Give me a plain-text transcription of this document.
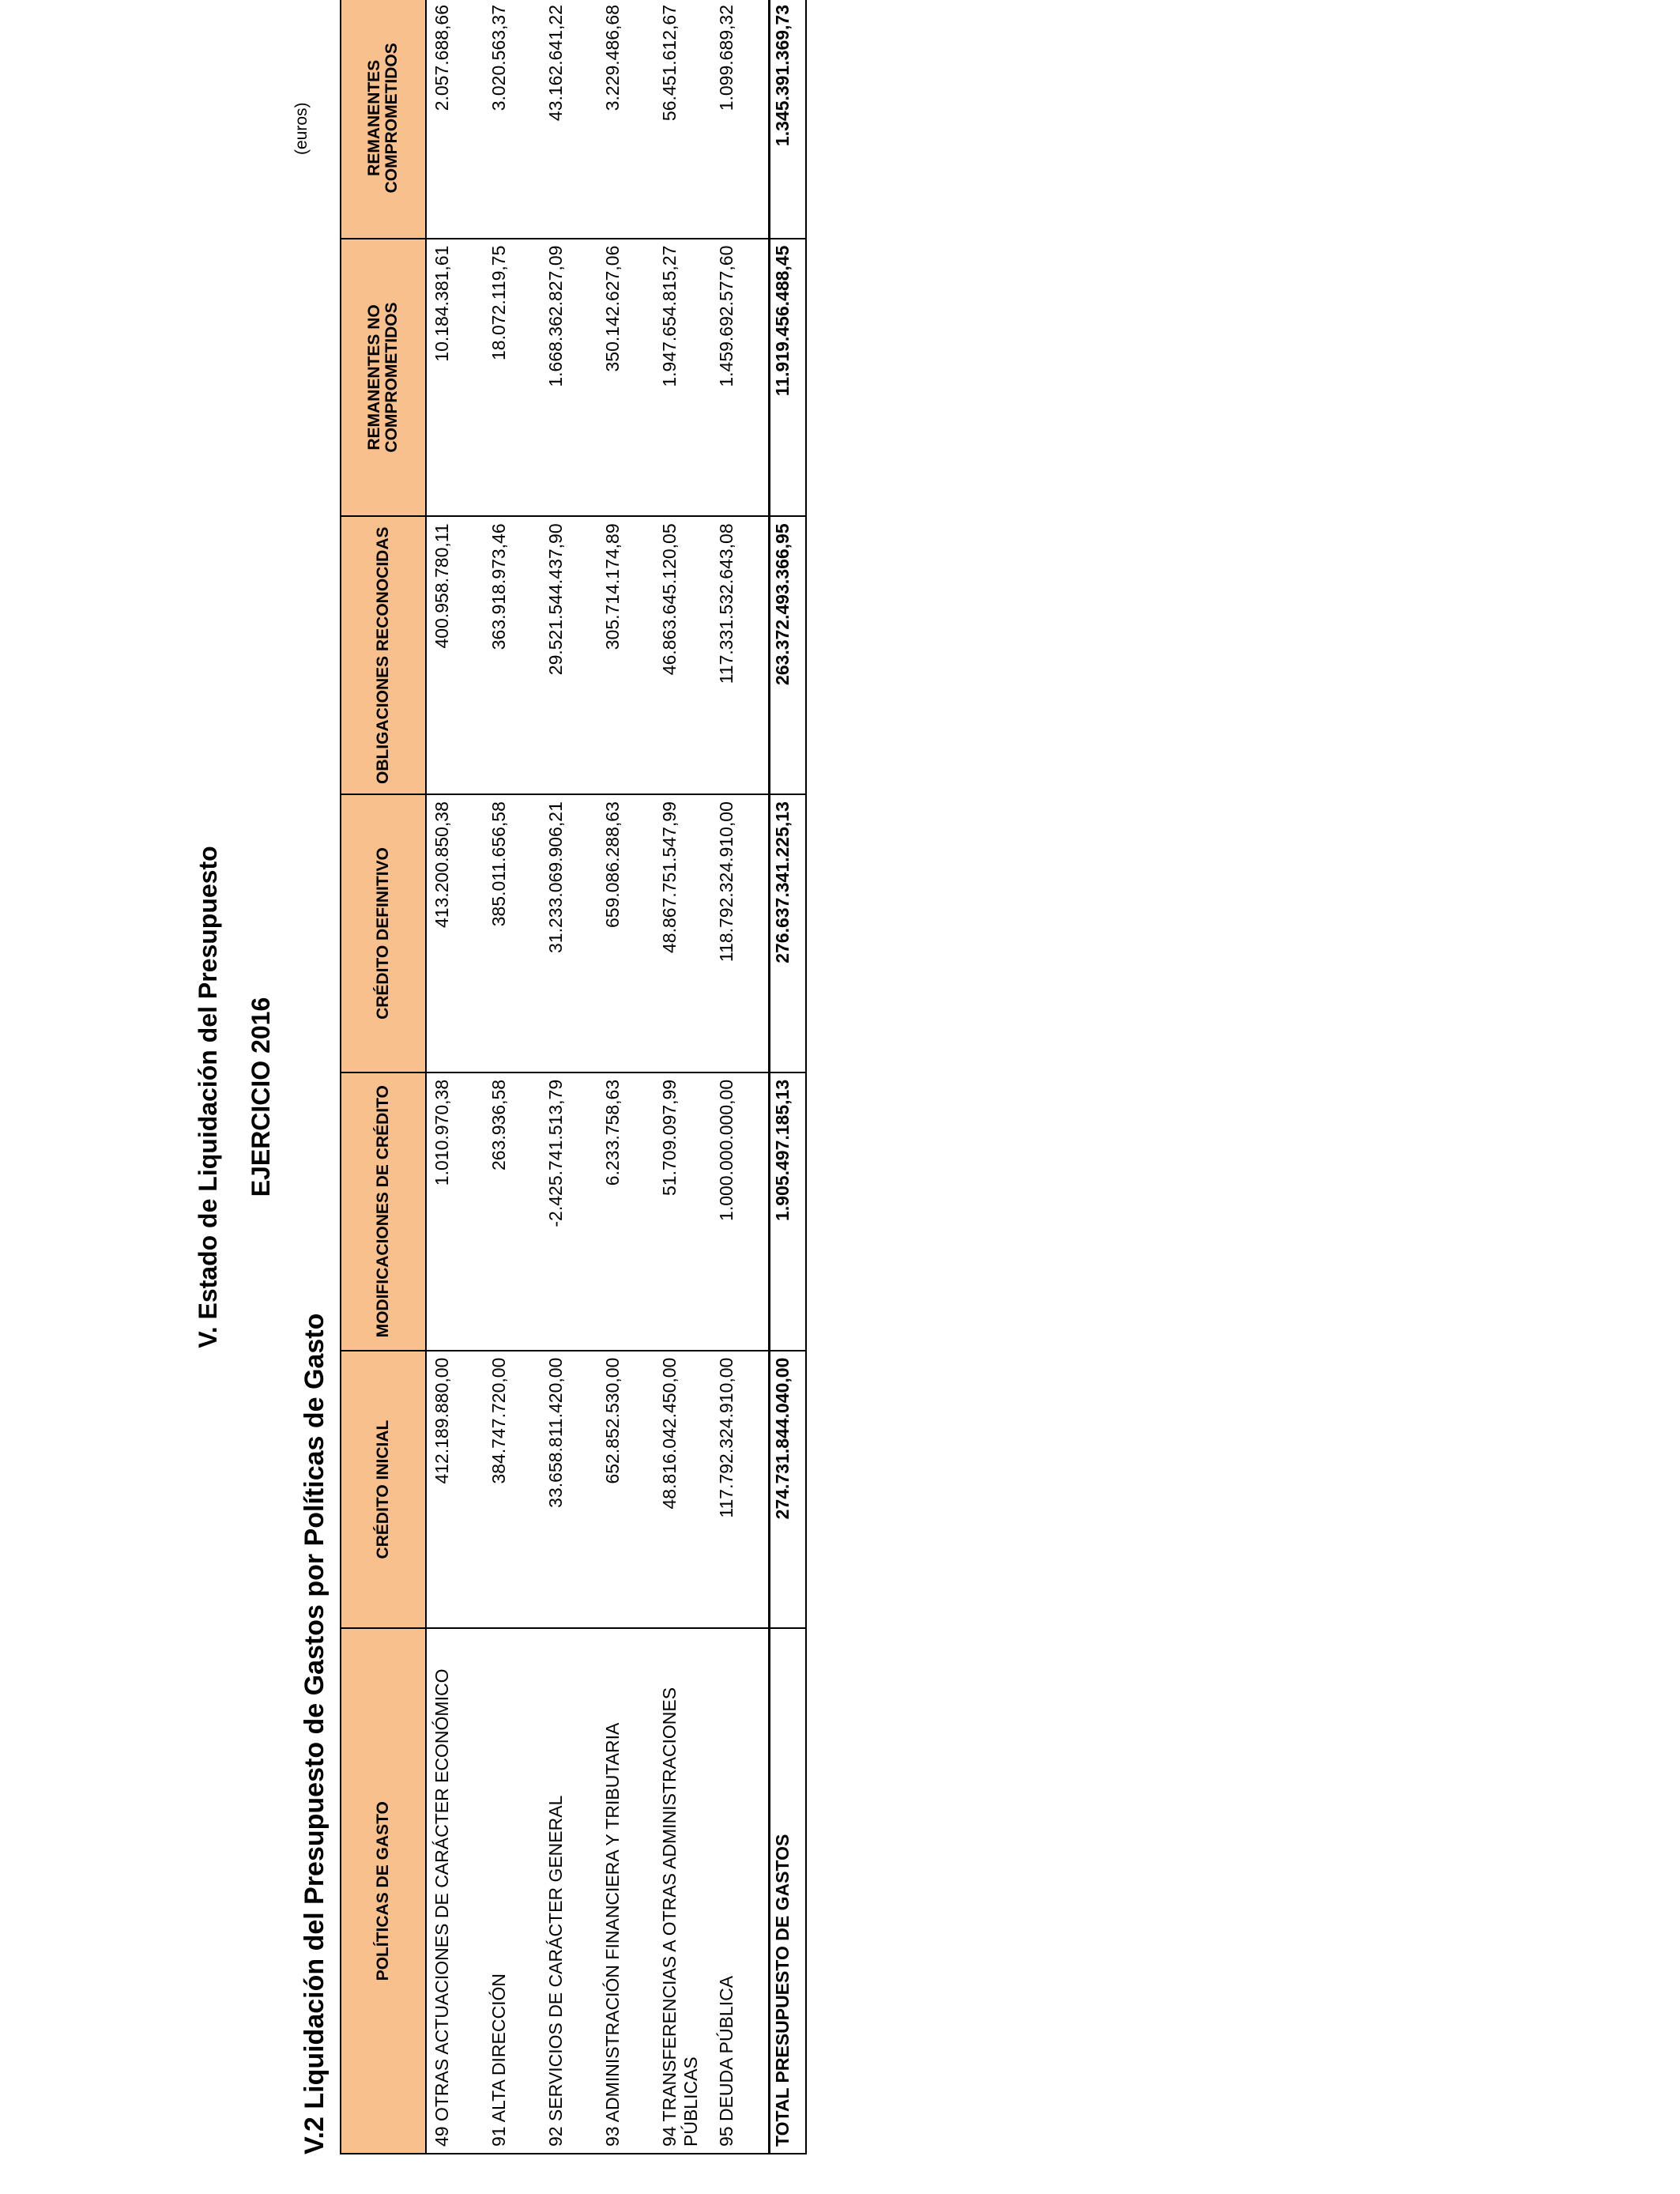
V. Estado de Liquidación del Presupuesto EJERCICIO 2016
V.2 Liquidación del Presupuesto de Gastos por Políticas de Gasto
(euros)
POLÍTICAS DE GASTO	CRÉDITO INICIAL	MODIFICACIONES DE CRÉDITO	CRÉDITO DEFINITIVO	OBLIGACIONES RECONOCIDAS	REMANENTES NO COMPROMETIDOS	REMANENTES COMPROMETIDOS
49 OTRAS ACTUACIONES DE CARÁCTER ECONÓMICO	412.189.880,00	1.010.970,38	413.200.850,38	400.958.780,11	10.184.381,61	2.057.688,66
91 ALTA DIRECCIÓN	384.747.720,00	263.936,58	385.011.656,58	363.918.973,46	18.072.119,75	3.020.563,37
92 SERVICIOS DE CARÁCTER GENERAL	33.658.811.420,00	-2.425.741.513,79	31.233.069.906,21	29.521.544.437,90	1.668.362.827,09	43.162.641,22
93 ADMINISTRACIÓN FINANCIERA Y TRIBUTARIA	652.852.530,00	6.233.758,63	659.086.288,63	305.714.174,89	350.142.627,06	3.229.486,68
94 TRANSFERENCIAS A OTRAS ADMINISTRACIONES PÚBLICAS	48.816.042.450,00	51.709.097,99	48.867.751.547,99	46.863.645.120,05	1.947.654.815,27	56.451.612,67
95 DEUDA PÚBLICA	117.792.324.910,00	1.000.000.000,00	118.792.324.910,00	117.331.532.643,08	1.459.692.577,60	1.099.689,32
TOTAL PRESUPUESTO DE GASTOS	274.731.844.040,00	1.905.497.185,13	276.637.341.225,13	263.372.493.366,95	11.919.456.488,45	1.345.391.369,73
